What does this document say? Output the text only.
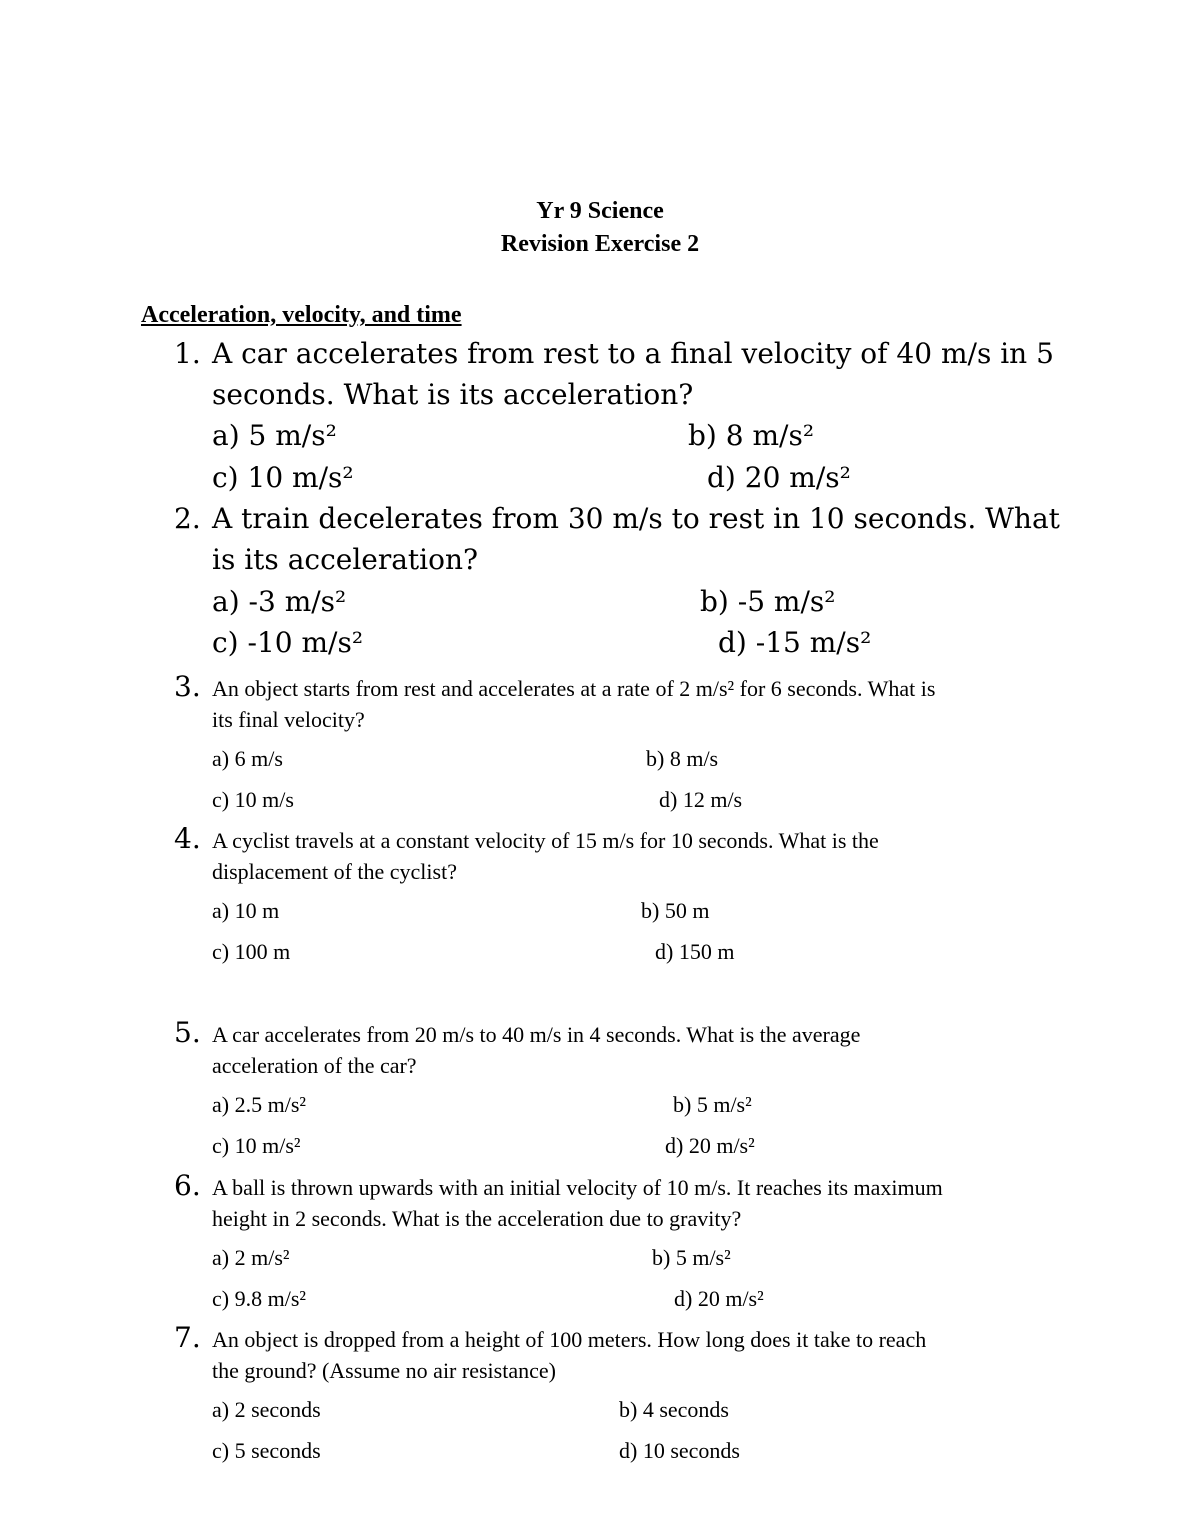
Yr 9 Science
Revision Exercise 2
Acceleration, velocity, and time
1. A car accelerates from rest to a final velocity of 40 m/s in 5
seconds. What is its acceleration?
a) 5 m/s²	b) 8 m/s²
c) 10 m/s²	d) 20 m/s²
2. A train decelerates from 30 m/s to rest in 10 seconds. What
is its acceleration?
a) -3 m/s²	b) -5 m/s²
c) -10 m/s²	d) -15 m/s²
3. An object starts from rest and accelerates at a rate of 2 m/s² for 6 seconds. What is
its final velocity?
a) 6 m/s	b) 8 m/s
c) 10 m/s	d) 12 m/s
4. A cyclist travels at a constant velocity of 15 m/s for 10 seconds. What is the
displacement of the cyclist?
a) 10 m	b) 50 m
c) 100 m	d) 150 m
5. A car accelerates from 20 m/s to 40 m/s in 4 seconds. What is the average
acceleration of the car?
a) 2.5 m/s²	b) 5 m/s²
c) 10 m/s²	d) 20 m/s²
6. A ball is thrown upwards with an initial velocity of 10 m/s. It reaches its maximum
height in 2 seconds. What is the acceleration due to gravity?
a) 2 m/s²	b) 5 m/s²
c) 9.8 m/s²	d) 20 m/s²
7. An object is dropped from a height of 100 meters. How long does it take to reach
the ground? (Assume no air resistance)
a) 2 seconds	b) 4 seconds
c) 5 seconds	d) 10 seconds
